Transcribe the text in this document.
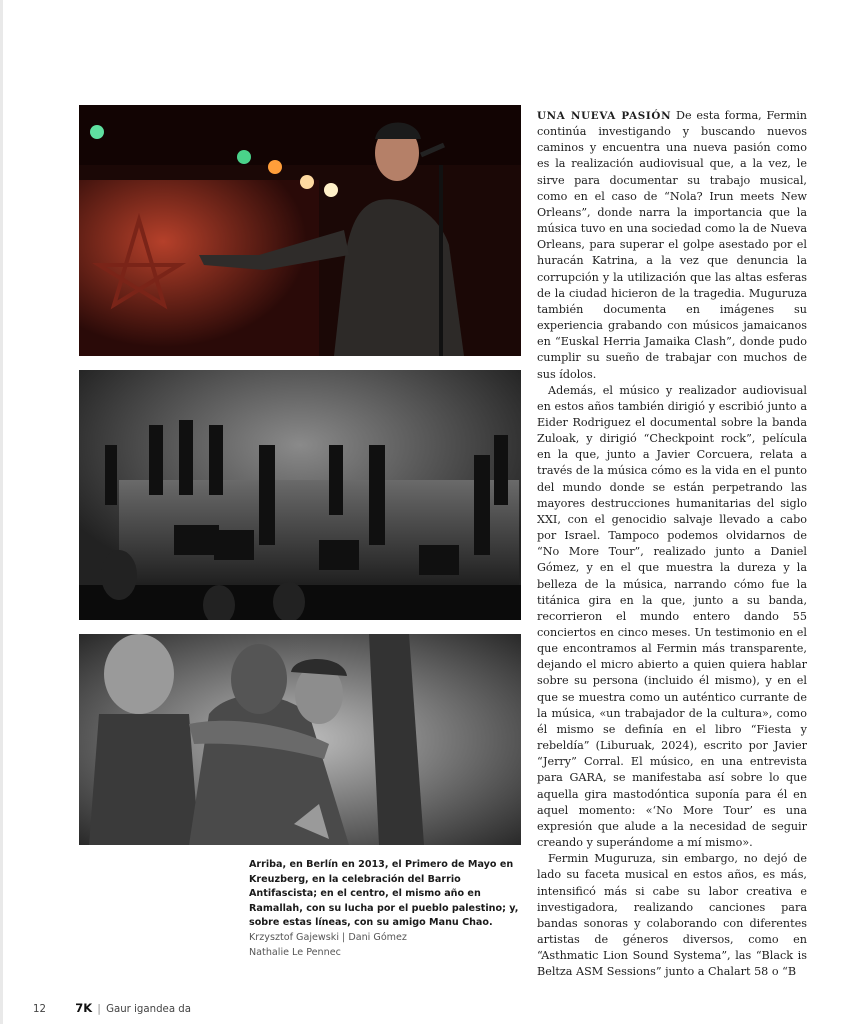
Arriba, en Berlín en 2013, el Primero de Mayo en Kreuzberg, en la celebración del Barrio Antifascista; en el centro, el mismo año en Ramallah, con su lucha por el pueblo palestino; y, sobre estas líneas, con su amigo Manu Chao.

Krzysztof Gajewski | Dani Gómez

Nathalie Le Pennec

UNA NUEVA PASIÓN De esta forma, Fermin continúa investigando y buscando nuevos caminos y encuentra una nueva pasión como es la realización audiovisual que, a la vez, le sirve para documentar su trabajo musical, como en el caso de “Nola? Irun meets New Orleans”, donde narra la importancia que la música tuvo en una sociedad como la de Nueva Orleans, para superar el golpe asestado por el huracán Katrina, a la vez que denuncia la corrupción y la utilización que las altas esferas de la ciudad hicieron de la tragedia. Muguruza también documenta en imágenes su experiencia grabando con músicos jamaicanos en “Euskal Herria Jamaika Clash”, donde pudo cumplir su sueño de trabajar con muchos de sus ídolos.

Además, el músico y realizador audiovisual en estos años también dirigió y escribió junto a Eider Rodriguez el documental sobre la banda Zuloak, y dirigió “Checkpoint rock”, película en la que, junto a Javier Corcuera, relata a través de la música cómo es la vida en el punto del mundo donde se están perpetrando las mayores destrucciones humanitarias del siglo XXI, con el genocidio salvaje llevado a cabo por Israel. Tampoco podemos olvidarnos de “No More Tour”, realizado junto a Daniel Gómez, y en el que muestra la dureza y la belleza de la música, narrando cómo fue la titánica gira en la que, junto a su banda, recorrieron el mundo entero dando 55 conciertos en cinco meses. Un testimonio en el que encontramos al Fermin más transparente, dejando el micro abierto a quien quiera hablar sobre su persona (incluido él mismo), y en el que se muestra como un auténtico currante de la música, «un trabajador de la cultura», como él mismo se definía en el libro “Fiesta y rebeldía” (Liburuak, 2024), escrito por Javier “Jerry” Corral. El músico, en una entrevista para GARA, se manifestaba así sobre lo que aquella gira mastodóntica suponía para él en aquel momento: «‘No More Tour’ es una expresión que alude a la necesidad de seguir creando y superándome a mí mismo».

Fermin Muguruza, sin embargo, no dejó de lado su faceta musical en estos años, es más, intensificó más si cabe su labor creativa e investigadora, realizando canciones para bandas sonoras y colaborando con diferentes artistas de géneros diversos, como en “Asthmatic Lion Sound Systema”, las “Black is Beltza ASM Sessions” junto a Chalart 58 o “B

12	7K | Gaur igandea da
